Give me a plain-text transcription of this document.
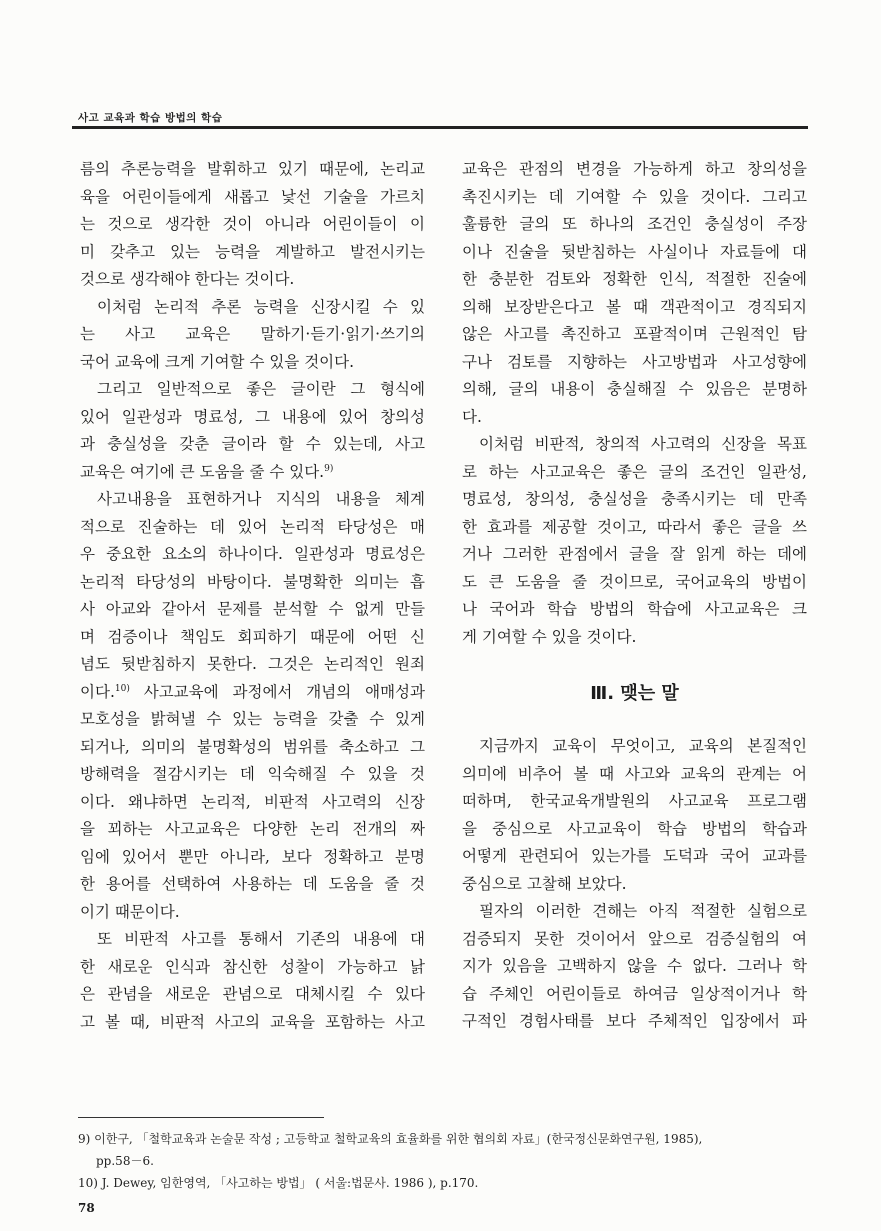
사고 교육과 학습 방법의 학습
름의 추론능력을 발휘하고 있기 때문에, 논리교
육을 어린이들에게 새롭고 낯선 기술을 가르치
는 것으로 생각한 것이 아니라 어린이들이 이
미 갖추고 있는 능력을 계발하고 발전시키는
것으로 생각해야 한다는 것이다.
이처럼 논리적 추론 능력을 신장시킬 수 있
는 사고 교육은 말하기·듣기·읽기·쓰기의
국어 교육에 크게 기여할 수 있을 것이다.
그리고 일반적으로 좋은 글이란 그 형식에
있어 일관성과 명료성, 그 내용에 있어 창의성
과 충실성을 갖춘 글이라 할 수 있는데, 사고
교육은 여기에 큰 도움을 줄 수 있다.$^{9)}$
사고내용을 표현하거나 지식의 내용을 체계
적으로 진술하는 데 있어 논리적 타당성은 매
우 중요한 요소의 하나이다. 일관성과 명료성은
논리적 타당성의 바탕이다. 불명확한 의미는 흡
사 아교와 같아서 문제를 분석할 수 없게 만들
며 검증이나 책임도 회피하기 때문에 어떤 신
념도 뒷받침하지 못한다. 그것은 논리적인 원죄
이다.$^{10)}$ 사고교육에 과정에서 개념의 애매성과
모호성을 밝혀낼 수 있는 능력을 갖출 수 있게
되거나, 의미의 불명확성의 범위를 축소하고 그
방해력을 절감시키는 데 익숙해질 수 있을 것
이다. 왜냐하면 논리적, 비판적 사고력의 신장
을 꾀하는 사고교육은 다양한 논리 전개의 짜
임에 있어서 뿐만 아니라, 보다 정확하고 분명
한 용어를 선택하여 사용하는 데 도움을 줄 것
이기 때문이다.
또 비판적 사고를 통해서 기존의 내용에 대
한 새로운 인식과 참신한 성찰이 가능하고 낡
은 관념을 새로운 관념으로 대체시킬 수 있다
고 볼 때, 비판적 사고의 교육을 포함하는 사고
교육은 관점의 변경을 가능하게 하고 창의성을
촉진시키는 데 기여할 수 있을 것이다. 그리고
훌륭한 글의 또 하나의 조건인 충실성이 주장
이나 진술을 뒷받침하는 사실이나 자료들에 대
한 충분한 검토와 정확한 인식, 적절한 진술에
의해 보장받은다고 볼 때 객관적이고 경직되지
않은 사고를 촉진하고 포괄적이며 근원적인 탐
구나 검토를 지향하는 사고방법과 사고성향에
의해, 글의 내용이 충실해질 수 있음은 분명하
다.
이처럼 비판적, 창의적 사고력의 신장을 목표
로 하는 사고교육은 좋은 글의 조건인 일관성,
명료성, 창의성, 충실성을 충족시키는 데 만족
한 효과를 제공할 것이고, 따라서 좋은 글을 쓰
거나 그러한 관점에서 글을 잘 읽게 하는 데에
도 큰 도움을 줄 것이므로, 국어교육의 방법이
나 국어과 학습 방법의 학습에 사고교육은 크
게 기여할 수 있을 것이다.
Ⅲ. 맺는 말
지금까지 교육이 무엇이고, 교육의 본질적인
의미에 비추어 볼 때 사고와 교육의 관계는 어
떠하며, 한국교육개발원의 사고교육 프로그램
을 중심으로 사고교육이 학습 방법의 학습과
어떻게 관련되어 있는가를 도덕과 국어 교과를
중심으로 고찰해 보았다.
필자의 이러한 견해는 아직 적절한 실험으로
검증되지 못한 것이어서 앞으로 검증실험의 여
지가 있음을 고백하지 않을 수 없다. 그러나 학
습 주체인 어린이들로 하여금 일상적이거나 학
구적인 경험사태를 보다 주체적인 입장에서 파
9) 이한구, 「철학교육과 논술문 작성 ; 고등학교 철학교육의 효율화를 위한 협의회 자료」(한국정신문화연구원, 1985),
pp.58－6.
10) J. Dewey, 임한영역, 「사고하는 방법」 ( 서울:법문사. 1986 ), p.170.
78
